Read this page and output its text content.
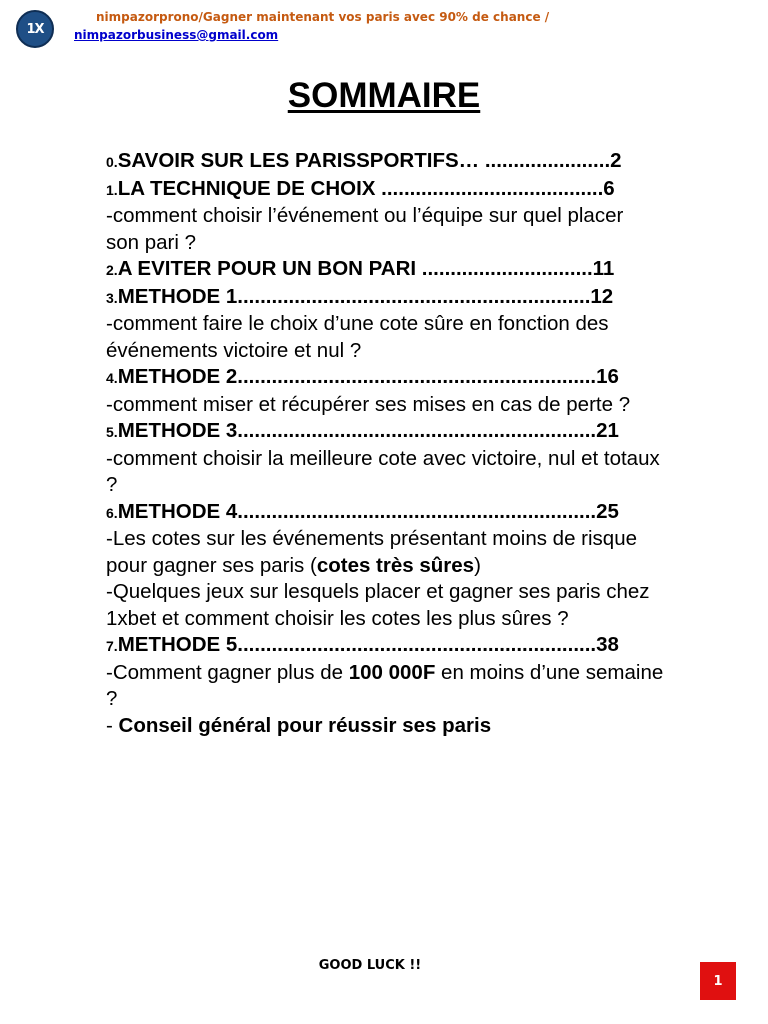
1X
nimpazorprono/Gagner maintenant vos paris avec 90% de chance /
nimpazorbusiness@gmail.com
SOMMAIRE
0.SAVOIR SUR LES PARISSPORTIFS… ......................2
1.LA TECHNIQUE DE CHOIX .......................................6
-comment choisir l’événement ou l’équipe sur quel placer
son pari ?
2.A EVITER POUR UN BON PARI ..............................11
3.METHODE 1..............................................................12
-comment faire le choix d’une cote sûre en fonction des
événements victoire et nul ?
4.METHODE 2...............................................................16
-comment miser et récupérer ses mises en cas de perte ?
5.METHODE 3...............................................................21
-comment choisir la meilleure cote avec victoire, nul et totaux
?
6.METHODE 4...............................................................25
-Les cotes sur les événements présentant moins de risque
pour gagner ses paris (cotes très sûres)
-Quelques jeux sur lesquels placer et gagner ses paris chez
1xbet et comment choisir les cotes les plus sûres ?
7.METHODE 5...............................................................38
-Comment gagner plus de 100 000F en moins d’une semaine
?
- Conseil général pour réussir ses paris
GOOD LUCK !!
1
